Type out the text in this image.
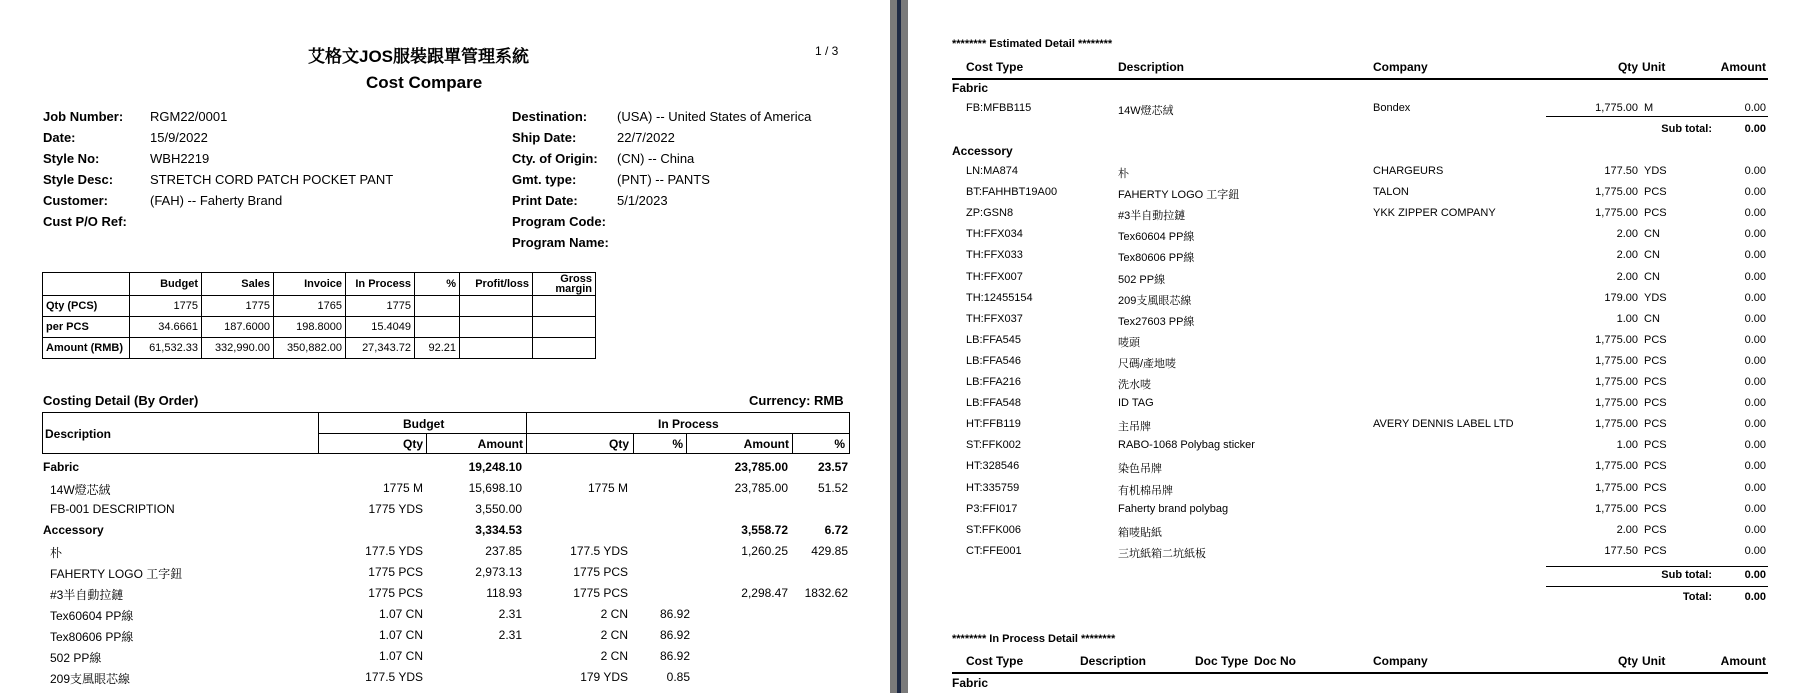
艾格文JOS服裝跟單管理系統	1 / 3
Cost Compare
Job Number: RGM22/0001
Date:	15/9/2022
Style No:	WBH2219
Style Desc:	STRETCH CORD PATCH POCKET PANT
Customer:	(FAH) -- Faherty Brand
Cust P/O Ref:
Destination: (USA) -- United States of America
Ship Date:	22/7/2022
Cty. of Origin: (CN) -- China
Gmt. type:	(PNT) -- PANTS
Print Date:	5/1/2023
Program Code:
Program Name:
	Budget	Sales	Invoice	In Process	%	Profit/loss	Gross margin
Qty (PCS)	1775	1775	1765	1775			
per PCS	34.6661	187.6000	198.8000	15.4049			
Amount (RMB)	61,532.33	332,990.00	350,882.00	27,343.72	92.21		
Costing Detail (By Order)	Currency: RMB
Description
Budget	In Process
Qty	Amount	Qty	%	Amount	%
Fabric	19,248.10	23,785.00	23.57
14W燈芯絨	1775 M	15,698.10	1775 M	23,785.00	51.52
FB-001 DESCRIPTION	1775 YDS	3,550.00
Accessory	3,334.53	3,558.72	6.72
朴	177.5 YDS	237.85	177.5 YDS	1,260.25	429.85
FAHERTY LOGO 工字鈕	1775 PCS	2,973.13	1775 PCS
#3半自動拉鏈	1775 PCS	118.93	1775 PCS	2,298.47	1832.62
Tex60604 PP線	1.07 CN	2.31	2 CN	86.92
Tex80606 PP線	1.07 CN	2.31	2 CN	86.92
502 PP線	1.07 CN	2 CN	86.92
209支風眼芯線	177.5 YDS	179 YDS	0.85
******** Estimated Detail ********
Cost Type	Description	Company	Qty Unit	Amount
Fabric
FB:MFBB115	14W燈芯絨	Bondex	1,775.00 M	0.00
Sub total:	0.00
Accessory
LN:MA874	朴	CHARGEURS	177.50 YDS	0.00
BT:FAHHBT19A00	FAHERTY LOGO 工字鈕	TALON	1,775.00 PCS	0.00
ZP:GSN8	#3半自動拉鏈	YKK ZIPPER COMPANY	1,775.00 PCS	0.00
TH:FFX034	Tex60604 PP線	2.00 CN	0.00
TH:FFX033	Tex80606 PP線	2.00 CN	0.00
TH:FFX007	502 PP線	2.00 CN	0.00
TH:12455154	209支風眼芯線	179.00 YDS	0.00
TH:FFX037	Tex27603 PP線	1.00 CN	0.00
LB:FFA545	唛頭	1,775.00 PCS	0.00
LB:FFA546	尺碼/產地唛	1,775.00 PCS	0.00
LB:FFA216	洗水唛	1,775.00 PCS	0.00
LB:FFA548	ID TAG	1,775.00 PCS	0.00
HT:FFB119	主吊牌	AVERY DENNIS LABEL LTD	1,775.00 PCS	0.00
ST:FFK002	RABO-1068 Polybag sticker	1.00 PCS	0.00
HT:328546	染色吊牌	1,775.00 PCS	0.00
HT:335759	有机棉吊牌	1,775.00 PCS	0.00
P3:FFI017	Faherty brand polybag	1,775.00 PCS	0.00
ST:FFK006	箱唛貼紙	2.00 PCS	0.00
CT:FFE001	三坑紙箱二坑紙板	177.50 PCS	0.00
Sub total:	0.00
Total:	0.00
******** In Process Detail ********
Cost Type	Description	Doc Type Doc No	Company	Qty Unit	Amount
Fabric
